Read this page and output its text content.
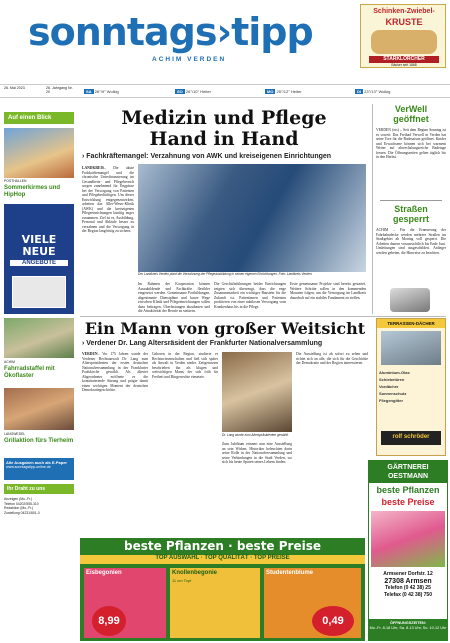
sonntags›tipp
ACHIM VERDEN
Schinken-Zwiebel-
KRUSTE
STARKLÖRCHER
Bäcker seit 1868
26. Mai 2023	26. Jahrgang Nr. 20	SA 28°/9° Wolkig	SO 26°/10° Heiter	MO 25°/12° Heiter	DI 23°/13° Wolkig
Auf einen Blick
POSTHALLEN
Sommerkirmes und HipHop
VIELE
NEUE
ANGEBOTE
ACHIM
Fahrradstaffel mit Ökoflaster
LANGWEDEL
Grillaktion fürs Tierheim
Alle Ausgaben auch als E-Paper
www.sonntagstipp-online.de
Ihr Draht zu uns
Anzeigen (Mo.-Fr.)
Telefon 04202/555-310
Redaktion (Mo.-Fr.)
Zustellung 04231/801-0
Medizin und Pflege
Hand in Hand
› Fachkräftemangel: Verzahnung von AWK und kreiseigenen Einrichtungen
LANDKREIS– Die akute Fachkräftemangel und die chronische Unterfinanzierung im Gesundheits- und Pflegebereich sorgen zunehmend für Engpässe bei der Versorgung von Patienten und Pflegebedürftigen. Um dieser Entwicklung entgegenzuwirken, arbeiten das Aller-Weser-Klinik (AWK) und die kreiseigenen Pflegeeinrichtungen künftig enger zusammen. Ziel ist es, Ausbildung, Personal und Abläufe besser zu verzahnen und die Versorgung in der Region langfristig zu sichern.
Der Landkreis Verden plant die Verzahnung der Pflegeausbildung in seinen eigenen Einrichtungen. Foto: Landkreis Verden
Im Rahmen der Kooperation können Auszubildende und Fachkräfte flexibler eingesetzt werden. Gemeinsame Fortbildungen, abgestimmte Dienstpläne und kurze Wege zwischen Klinik und Pflegeeinrichtungen sollen dazu beitragen, Überlastungen abzubauen und die Attraktivität der Berufe zu steigern.
Die Geschäftsführungen beider Einrichtungen zeigten sich überzeugt, dass die enge Zusammenarbeit ein wichtiger Baustein für die Zukunft ist. Patientinnen und Patienten profitieren von einer nahtlosen Versorgung vom Krankenhaus bis in die Pflege.
Erste gemeinsame Projekte sind bereits gestartet. Weitere Schritte sollen in den kommenden Monaten folgen, um die Versorgung im Landkreis dauerhaft auf ein stabiles Fundament zu stellen.
VerWell geöffnet
VERDEN (ots) – Seit dem Beginn Sonntag ist es soweit: Das Freibad Verwell in Verden hat seine Tore für die Badesaison geöffnet. Kinder und Erwachsene können sich bei warmem Wetter auf abwechslungsreiche Badetage freuen. Die Öffnungszeiten gelten täglich bis in den Herbst.
Straßen gesperrt
ACHIM – Für die Erneuerung der Fahrbahndecke werden mehrere Straßen im Stadtgebiet ab Montag voll gesperrt. Die Arbeiten dauern voraussichtlich bis Ende Juni. Umleitungen sind ausgeschildert. Anlieger werden gebeten, die Hinweise zu beachten.
Ein Mann von großer Weitsicht
› Verdener Dr. Lang Altersräsident der Frankfurter Nationalversammlung
VERDEN– Vor 175 Jahren wurde der Verdener Rechtsanwalt Dr. Lang zum Alterspräsidenten der ersten deutschen Nationalversammlung in der Frankfurter Paulskirche gewählt. Als ältester Abgeordneter eröffnete er die konstituierende Sitzung und prägte damit einen wichtigen Moment der deutschen Demokratiegeschichte.
Geboren in der Region, studierte er Rechtswissenschaften und ließ sich später als Anwalt in Verden nieder. Zeitgenossen beschrieben ihn als klugen und weitsichtigen Mann, der sich früh für Freiheit und Bürgerrechte einsetzte.
Dr. Lang wurde zum Alterspräsidenten gewählt.
Zum Jubiläum erinnert nun eine Ausstellung an sein Wirken. Historiker beleuchten darin seine Rolle in der Nationalversammlung und seine Verbindungen in die Stadt Verden, wo sich bis heute Spuren seines Lebens finden.
Die Ausstellung ist ab sofort zu sehen und richtet sich an alle, die sich für die Geschichte der Demokratie und der Region interessieren.
TERRASSEN-DÄCHER
Aluminium-Glas
Schiebetüren
Vordächer
Sonnenschutz
Fliegengitter
rolf schröder
beste Pflanzen · beste Preise
TOP AUSWAHL · TOP QUALITÄT · TOP PREISE
Eisbegonien
8,99
Knollenbegonie
11 cm Topf
Studentenblume
0,49
GÄRTNEREI OESTMANN
beste Pflanzen
beste Preise
Armsener Dorfstr. 12
27308 Armsen
Telefon (0 42 38) 25
Telefax (0 42 38) 750
ÖFFNUNGSZEITEN:
Mo.-Fr. 8-18 Uhr, Sa. 8-13 Uhr, So. 10-12 Uhr
